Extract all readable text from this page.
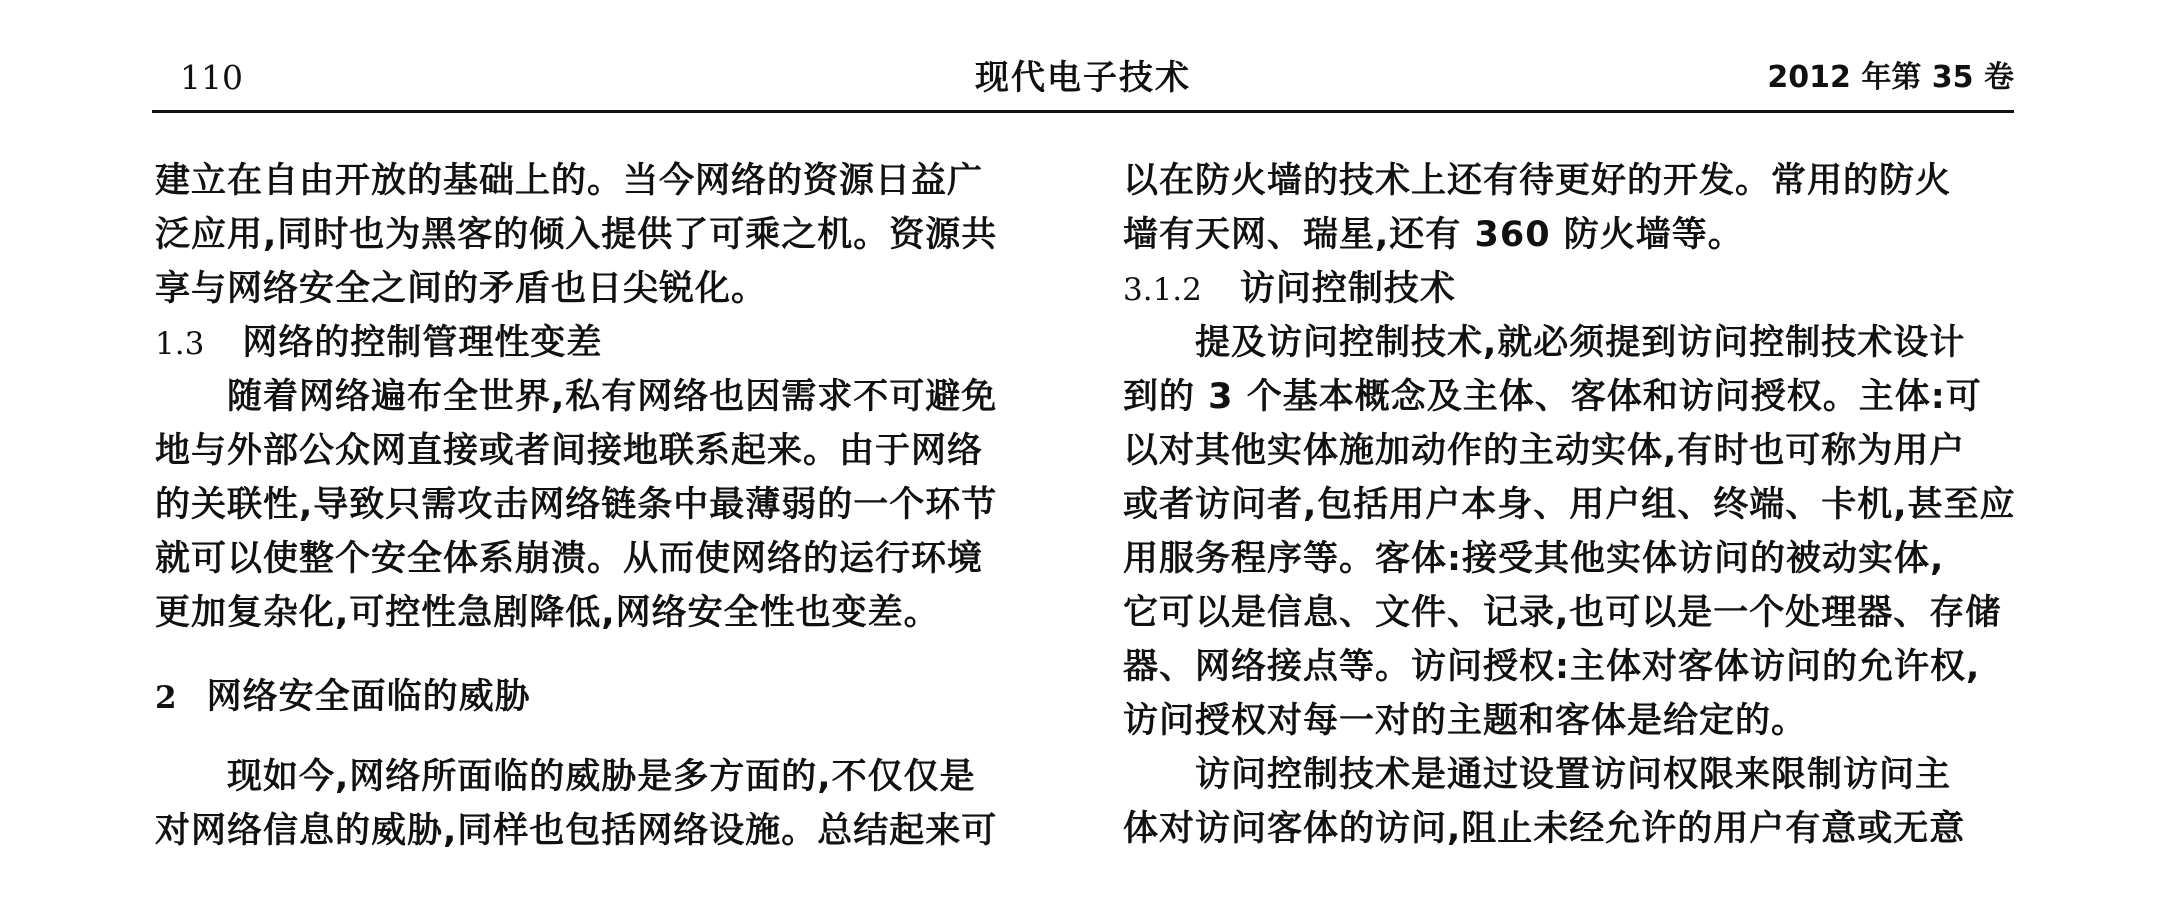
110	现代电子技术	2012 年第 35 卷
建立在自由开放的基础上的。当今网络的资源日益广
泛应用,同时也为黑客的倾入提供了可乘之机。资源共
享与网络安全之间的矛盾也日尖锐化。
1.3 网络的控制管理性变差
随着网络遍布全世界,私有网络也因需求不可避免
地与外部公众网直接或者间接地联系起来。由于网络
的关联性,导致只需攻击网络链条中最薄弱的一个环节
就可以使整个安全体系崩溃。从而使网络的运行环境
更加复杂化,可控性急剧降低,网络安全性也变差。
2 网络安全面临的威胁
现如今,网络所面临的威胁是多方面的,不仅仅是
对网络信息的威胁,同样也包括网络设施。总结起来可
以在防火墙的技术上还有待更好的开发。常用的防火
墙有天网、瑞星,还有 360 防火墙等。
3.1.2 访问控制技术
提及访问控制技术,就必须提到访问控制技术设计
到的 3 个基本概念及主体、客体和访问授权。主体:可
以对其他实体施加动作的主动实体,有时也可称为用户
或者访问者,包括用户本身、用户组、终端、卡机,甚至应
用服务程序等。客体:接受其他实体访问的被动实体,
它可以是信息、文件、记录,也可以是一个处理器、存储
器、网络接点等。访问授权:主体对客体访问的允许权,
访问授权对每一对的主题和客体是给定的。
访问控制技术是通过设置访问权限来限制访问主
体对访问客体的访问,阻止未经允许的用户有意或无意
